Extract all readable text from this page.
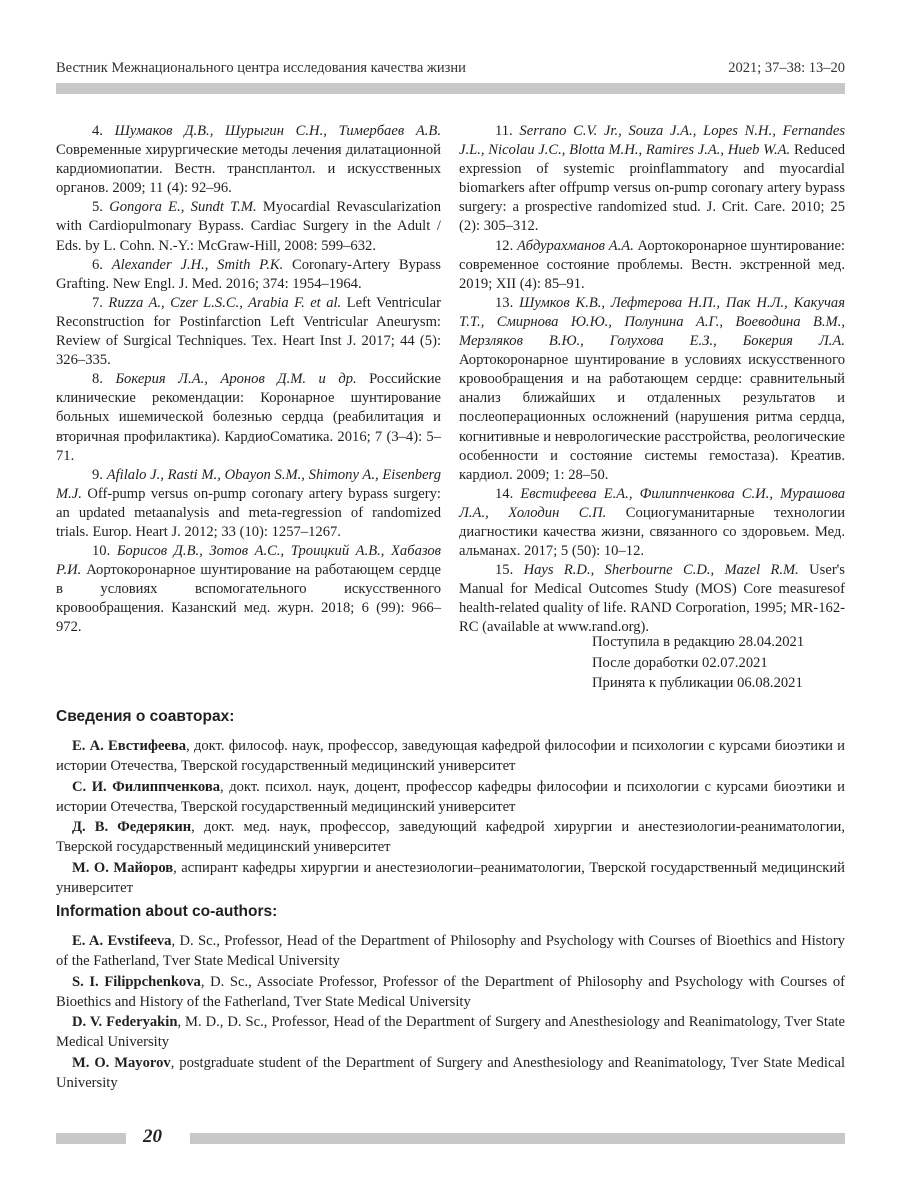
Вестник Межнационального центра исследования качества жизни	2021; 37–38: 13–20

4. Шумаков Д.В., Шурыгин С.Н., Тимербаев А.В. Современные хирургические методы лечения дилатационной кардиомиопатии. Вестн. трансплантол. и искусственных органов. 2009; 11 (4): 92–96.

5. Gongora E., Sundt T.M. Myocardial Revascularization with Cardiopulmonary Bypass. Cardiac Surgery in the Adult / Eds. by L. Cohn. N.-Y.: McGraw-Hill, 2008: 599–632.

6. Alexander J.H., Smith P.K. Coronary-Artery Bypass Grafting. New Engl. J. Med. 2016; 374: 1954–1964.

7. Ruzza A., Czer L.S.C., Arabia F. et al. Left Ventricular Reconstruction for Postinfarction Left Ventricular Aneurysm: Review of Surgical Techniques. Tex. Heart Inst J. 2017; 44 (5): 326–335.

8. Бокерия Л.А., Аронов Д.М. и др. Российские клинические рекомендации: Коронарное шунтирование больных ишемической болезнью сердца (реабилитация и вторичная профилактика). КардиоСоматика. 2016; 7 (3–4): 5–71.

9. Afilalo J., Rasti M., Obayon S.M., Shimony A., Eisenberg M.J. Off-pump versus on-pump coronary artery bypass surgery: an updated metaanalysis and meta-regression of randomized trials. Europ. Heart J. 2012; 33 (10): 1257–1267.

10. Борисов Д.В., Зотов А.С., Троицкий А.В., Хабазов Р.И. Аортокоронарное шунтирование на работающем сердце в условиях вспомогательного искусственного кровообращения. Казанский мед. журн. 2018; 6 (99): 966–972.

11. Serrano C.V. Jr., Souza J.A., Lopes N.H., Fernandes J.L., Nicolau J.C., Blotta M.H., Ramires J.A., Hueb W.A. Reduced expression of systemic proinflammatory and myocardial biomarkers after offpump versus on-pump coronary artery bypass surgery: a prospective randomized stud. J. Crit. Care. 2010; 25 (2): 305–312.

12. Абдурахманов А.А. Аортокоронарное шунтирование: современное состояние проблемы. Вестн. экстренной мед. 2019; XII (4): 85–91.

13. Шумков К.В., Лефтерова Н.П., Пак Н.Л., Какучая Т.Т., Смирнова Ю.Ю., Полунина А.Г., Воеводина В.М., Мерзляков В.Ю., Голухова Е.З., Бокерия Л.А. Аортокоронарное шунтирование в условиях искусственного кровообращения и на работающем сердце: сравнительный анализ ближайших и отдаленных результатов и послеоперационных осложнений (нарушения ритма сердца, когнитивные и неврологические расстройства, реологические особенности и состояние системы гемостаза). Креатив. кардиол. 2009; 1: 28–50.

14. Евстифеева Е.А., Филиппченкова С.И., Мурашова Л.А., Холодин С.П. Социогуманитарные технологии диагностики качества жизни, связанного со здоровьем. Мед. альманах. 2017; 5 (50): 10–12.

15. Hays R.D., Sherbourne C.D., Mazel R.M. User's Manual for Medical Outcomes Study (MOS) Core measuresof health-related quality of life. RAND Corporation, 1995; MR-162-RC (available at www.rand.org).

Поступила в редакцию 28.04.2021
После доработки 02.07.2021
Принята к публикации 06.08.2021
Сведения о соавторах:

Е. А. Евстифеева, докт. философ. наук, профессор, заведующая кафедрой философии и психологии с курсами биоэтики и истории Отечества, Тверской государственный медицинский университет

С. И. Филиппченкова, докт. психол. наук, доцент, профессор кафедры философии и психологии с курсами биоэтики и истории Отечества, Тверской государственный медицинский университет

Д. В. Федерякин, докт. мед. наук, профессор, заведующий кафедрой хирургии и анестезиологии-реаниматологии, Тверской государственный медицинский университет

М. О. Майоров, аспирант кафедры хирургии и анестезиологии–реаниматологии, Тверской государственный медицинский университет

Information about co-authors:

E. A. Evstifeeva, D. Sc., Professor, Head of the Department of Philosophy and Psychology with Courses of Bioethics and History of the Fatherland, Tver State Medical University

S. I. Filippchenkova, D. Sc., Associate Professor, Professor of the Department of Philosophy and Psychology with Courses of Bioethics and History of the Fatherland, Tver State Medical University

D. V. Federyakin, M. D., D. Sc., Professor, Head of the Department of Surgery and Anesthesiology and Reanimatology, Tver State Medical University

M. O. Mayorov, postgraduate student of the Department of Surgery and Anesthesiology and Reanimatology, Tver State Medical University

20
